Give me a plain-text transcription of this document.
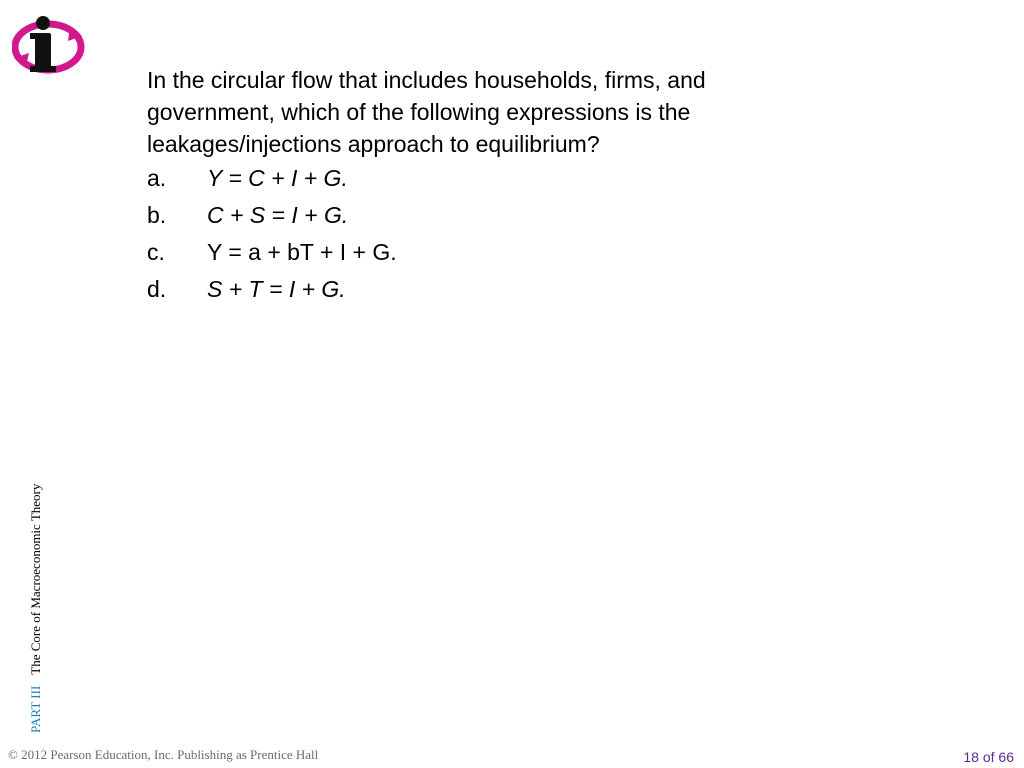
In the circular flow that includes households, firms, and government, which of the following expressions is the leakages/injections approach to equilibrium?

a.	Y = C + I + G.
b.	C + S = I + G.
c.	Y = a + bT + I + G.
d.	S + T = I + G.
PART III The Core of Macroeconomic Theory
© 2012 Pearson Education, Inc. Publishing as Prentice Hall	18 of 66
